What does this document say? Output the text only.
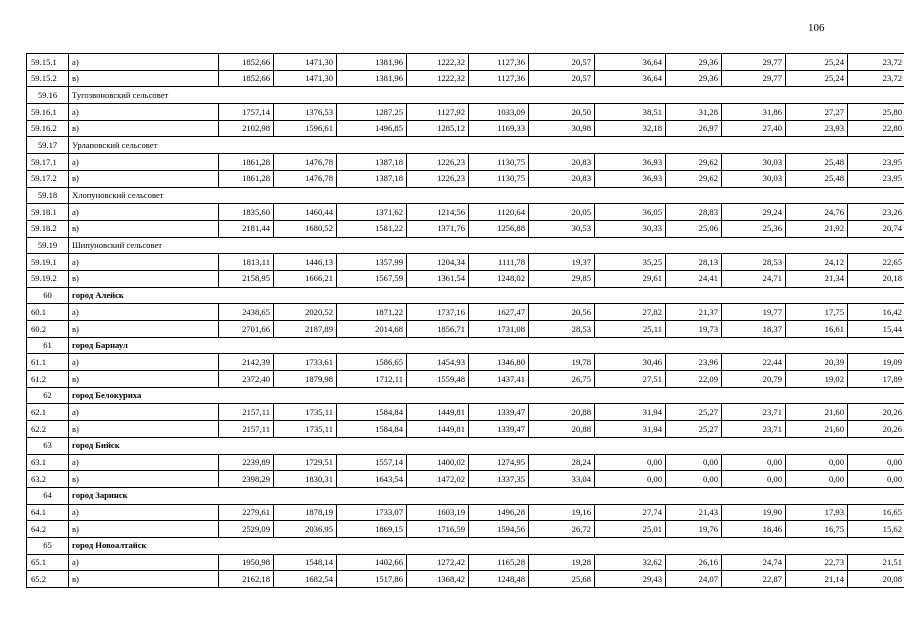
106
59.15.1	а)	1852,66	1471,30	1381,96	1222,32	1127,36	20,57	36,64	29,36	29,77	25,24	23,72
59.15.2	в)	1852,66	1471,30	1381,96	1222,32	1127,36	20,57	36,64	29,36	29,77	25,24	23,72
59.16	Тугозвоновский сельсовет											
59.16.1	а)	1757,14	1376,53	1287,25	1127,92	1033,09	20,50	38,51	31,28	31,86	27,27	25,80
59.16.2	в)	2102,98	1596,61	1496,85	1285,12	1169,33	30,98	32,18	26,97	27,40	23,93	22,80
59.17	Урлаповский сельсовет											
59.17.1	а)	1861,28	1476,78	1387,18	1226,23	1130,75	20,83	36,93	29,62	30,03	25,48	23,95
59.17.2	в)	1861,28	1476,78	1387,18	1226,23	1130,75	20,83	36,93	29,62	30,03	25,48	23,95
59.18	Хлопуновский сельсовет											
59.18.1	а)	1835,60	1460,44	1371,62	1214,56	1120,64	20,05	36,05	28,83	29,24	24,76	23,26
59.18.2	в)	2181,44	1680,52	1581,22	1371,76	1256,88	30,53	30,33	25,06	25,36	21,92	20,74
59.19	Шипуновский сельсовет											
59.19.1	а)	1813,11	1446,13	1357,99	1204,34	1111,78	19,37	35,25	28,13	28,53	24,12	22,65
59.19.2	в)	2158,95	1666,21	1567,59	1361,54	1248,02	29,85	29,61	24,41	24,71	21,34	20,18
60	город Алейск											
60.1	а)	2438,65	2020,52	1871,22	1737,16	1627,47	20,56	27,82	21,37	19,77	17,75	16,42
60.2	в)	2701,66	2187,89	2014,68	1856,71	1731,08	28,53	25,11	19,73	18,37	16,61	15,44
61	город Барнаул											
61.1	а)	2142,39	1733,61	1586,65	1454,93	1346,80	19,78	30,46	23,96	22,44	20,39	19,09
61.2	в)	2372,40	1879,98	1712,11	1559,48	1437,41	26,75	27,51	22,09	20,79	19,02	17,89
62	город Белокуриха											
62.1	а)	2157,11	1735,11	1584,84	1449,81	1339,47	20,88	31,94	25,27	23,71	21,60	20,26
62.2	в)	2157,11	1735,11	1584,84	1449,81	1339,47	20,88	31,94	25,27	23,71	21,60	20,26
63	город Бийск											
63.1	а)	2239,89	1729,51	1557,14	1400,02	1274,95	28,24	0,00	0,00	0,00	0,00	0,00
63.2	в)	2398,29	1830,31	1643,54	1472,02	1337,35	33,04	0,00	0,00	0,00	0,00	0,00
64	город Заринск											
64.1	а)	2279,61	1878,19	1733,07	1603,19	1496,28	19,16	27,74	21,43	19,90	17,93	16,65
64.2	в)	2529,09	2036,95	1869,15	1716,59	1594,56	26,72	25,01	19,76	18,46	16,75	15,62
65	город Новоалтайск											
65.1	а)	1950,98	1548,14	1402,66	1272,42	1165,28	19,28	32,62	26,16	24,74	22,73	21,51
65.2	в)	2162,18	1682,54	1517,86	1368,42	1248,48	25,68	29,43	24,07	22,87	21,14	20,08
